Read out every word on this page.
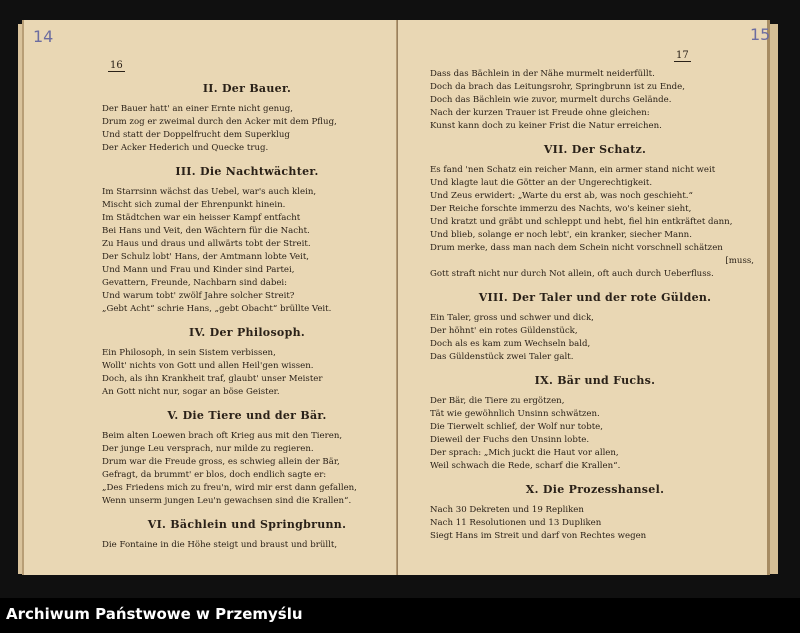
16
II. Der Bauer.
Der Bauer hatt' an einer Ernte nicht genug,
Drum zog er zweimal durch den Acker mit dem Pflug,
Und statt der Doppelfrucht dem Superklug
Der Acker Hederich und Quecke trug.
III. Die Nachtwächter.
Im Starrsinn wächst das Uebel, war's auch klein,
Mischt sich zumal der Ehrenpunkt hinein.
Im Städtchen war ein heisser Kampf entfacht
Bei Hans und Veit, den Wächtern für die Nacht.
Zu Haus und draus und allwärts tobt der Streit.
Der Schulz lobt' Hans, der Amtmann lobte Veit,
Und Mann und Frau und Kinder sind Partei,
Gevattern, Freunde, Nachbarn sind dabei:
Und warum tobt' zwölf Jahre solcher Streit?
„Gebt Acht“ schrie Hans, „gebt Obacht“ brüllte Veit.
IV. Der Philosoph.
Ein Philosoph, in sein Sistem verbissen,
Wollt' nichts von Gott und allen Heil'gen wissen.
Doch, als ihn Krankheit traf, glaubt' unser Meister
An Gott nicht nur, sogar an böse Geister.
V. Die Tiere und der Bär.
Beim alten Loewen brach oft Krieg aus mit den Tieren,
Der junge Leu versprach, nur milde zu regieren.
Drum war die Freude gross, es schwieg allein der Bär,
Gefragt, da brummt' er blos, doch endlich sagte er:
„Des Friedens mich zu freu'n, wird mir erst dann gefallen,
Wenn unserm jungen Leu'n gewachsen sind die Krallen“.
VI. Bächlein und Springbrunn.
Die Fontaine in die Höhe steigt und braust und brüllt,
17
Dass das Bächlein in der Nähe murmelt neiderfüllt.
Doch da brach das Leitungsrohr, Springbrunn ist zu Ende,
Doch das Bächlein wie zuvor, murmelt durchs Gelände.
Nach der kurzen Trauer ist Freude ohne gleichen:
Kunst kann doch zu keiner Frist die Natur erreichen.
VII. Der Schatz.
Es fand 'nen Schatz ein reicher Mann, ein armer stand nicht weit
Und klagte laut die Götter an der Ungerechtigkeit.
Und Zeus erwidert: „Warte du erst ab, was noch geschieht.“
Der Reiche forschte immerzu des Nachts, wo's keiner sieht,
Und kratzt und gräbt und schleppt und hebt, fiel hin entkräftet dann,
Und blieb, solange er noch lebt', ein kranker, siecher Mann.
Drum merke, dass man nach dem Schein nicht vorschnell schätzen
[muss,
Gott straft nicht nur durch Not allein, oft auch durch Ueberfluss.
VIII. Der Taler und der rote Gülden.
Ein Taler, gross und schwer und dick,
Der höhnt' ein rotes Güldenstück,
Doch als es kam zum Wechseln bald,
Das Güldenstück zwei Taler galt.
IX. Bär und Fuchs.
Der Bär, die Tiere zu ergötzen,
Tät wie gewöhnlich Unsinn schwätzen.
Die Tierwelt schlief, der Wolf nur tobte,
Dieweil der Fuchs den Unsinn lobte.
Der sprach: „Mich juckt die Haut vor allen,
Weil schwach die Rede, scharf die Krallen“.
X. Die Prozesshansel.
Nach 30 Dekreten und 19 Repliken
Nach 11 Resolutionen und 13 Dupliken
Siegt Hans im Streit und darf von Rechtes wegen
14	15
Archiwum Państwowe w Przemyślu
